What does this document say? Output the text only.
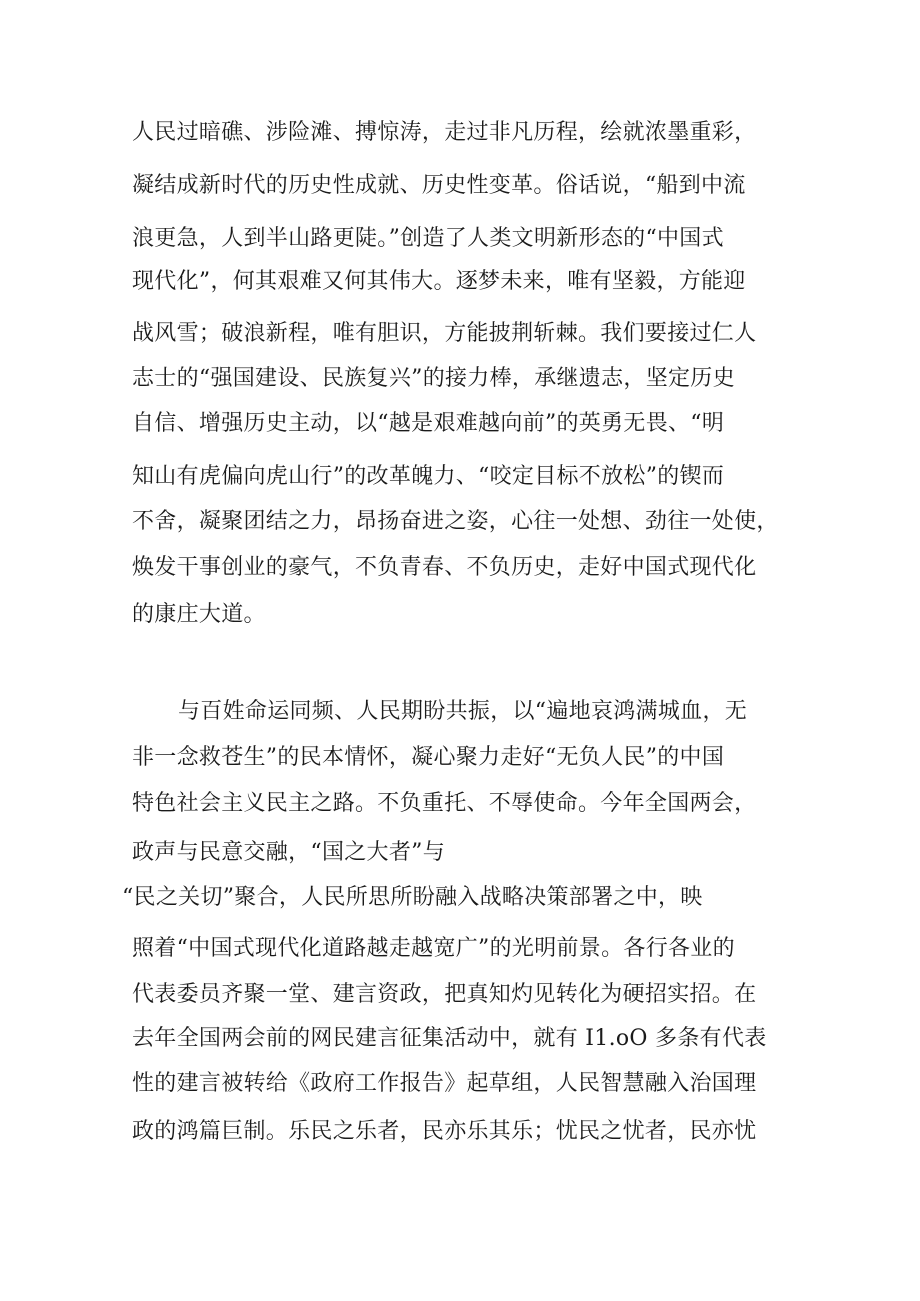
人民过暗礁、涉险滩、搏惊涛，走过非凡历程，绘就浓墨重彩，
凝结成新时代的历史性成就、历史性变革。俗话说，“船到中流
浪更急，人到半山路更陡。”创造了人类文明新形态的“中国式
现代化”，何其艰难又何其伟大。逐梦未来，唯有坚毅，方能迎
战风雪；破浪新程，唯有胆识，方能披荆斩棘。我们要接过仁人
志士的“强国建设、民族复兴”的接力棒，承继遗志，坚定历史
自信、增强历史主动，以“越是艰难越向前”的英勇无畏、“明
知山有虎偏向虎山行”的改革魄力、“咬定目标不放松”的锲而
不舍，凝聚团结之力，昂扬奋进之姿，心往一处想、劲往一处使，
焕发干事创业的豪气，不负青春、不负历史，走好中国式现代化
的康庄大道。
与百姓命运同频、人民期盼共振，以“遍地哀鸿满城血，无
非一念救苍生”的民本情怀，凝心聚力走好“无负人民”的中国
特色社会主义民主之路。不负重托、不辱使命。今年全国两会，
政声与民意交融，“国之大者”与
“民之关切”聚合，人民所思所盼融入战略决策部署之中，映
照着“中国式现代化道路越走越宽广”的光明前景。各行各业的
代表委员齐聚一堂、建言资政，把真知灼见转化为硬招实招。在
去年全国两会前的网民建言征集活动中，就有 I1.oO 多条有代表
性的建言被转给《政府工作报告》起草组，人民智慧融入治国理
政的鸿篇巨制。乐民之乐者，民亦乐其乐；忧民之忧者，民亦忧
